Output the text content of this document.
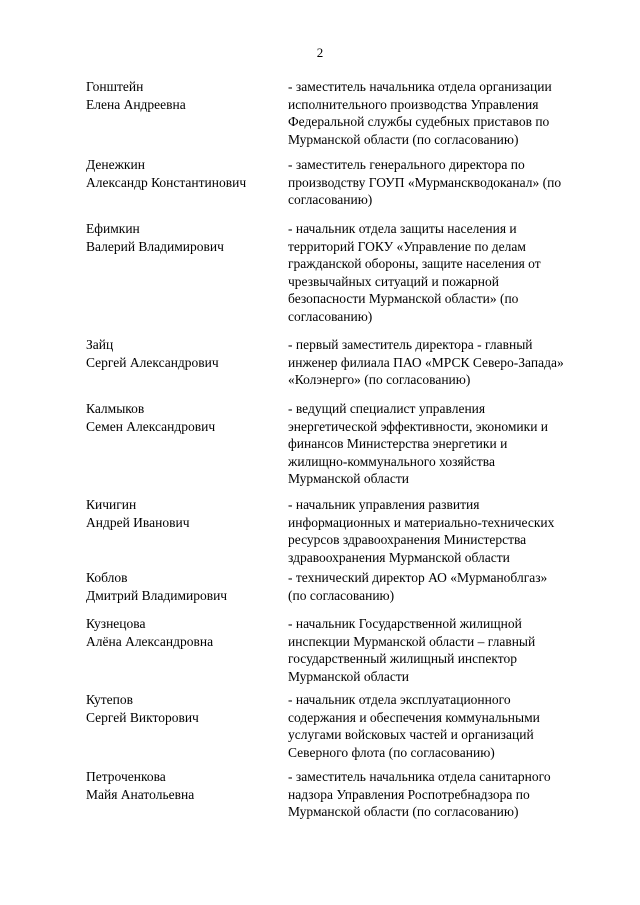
2
Гонштейн
Елена Андреевна
- заместитель начальника отдела организации
исполнительного производства Управления
Федеральной службы судебных приставов по
Мурманской области (по согласованию)
Денежкин
Александр Константинович
- заместитель генерального директора по
производству ГОУП «Мурманскводоканал» (по
согласованию)
Ефимкин
Валерий Владимирович
- начальник отдела защиты населения и
территорий ГОКУ «Управление по делам
гражданской обороны, защите населения от
чрезвычайных ситуаций и пожарной
безопасности Мурманской области» (по
согласованию)
Зайц
Сергей Александрович
- первый заместитель директора - главный
инженер филиала ПАО «МРСК Северо-Запада»
«Колэнерго» (по согласованию)
Калмыков
Семен Александрович
- ведущий специалист управления
энергетической эффективности, экономики и
финансов Министерства энергетики и
жилищно-коммунального хозяйства
Мурманской области
Кичигин
Андрей Иванович
- начальник управления развития
информационных и материально-технических
ресурсов здравоохранения Министерства
здравоохранения Мурманской области
Коблов
Дмитрий Владимирович
- технический директор АО «Мурманоблгаз»
(по согласованию)
Кузнецова
Алёна Александровна
- начальник Государственной жилищной
инспекции Мурманской области – главный
государственный жилищный инспектор
Мурманской области
Кутепов
Сергей Викторович
- начальник отдела эксплуатационного
содержания и обеспечения коммунальными
услугами войсковых частей и организаций
Северного флота (по согласованию)
Петроченкова
Майя Анатольевна
- заместитель начальника отдела санитарного
надзора Управления Роспотребнадзора по
Мурманской области (по согласованию)
